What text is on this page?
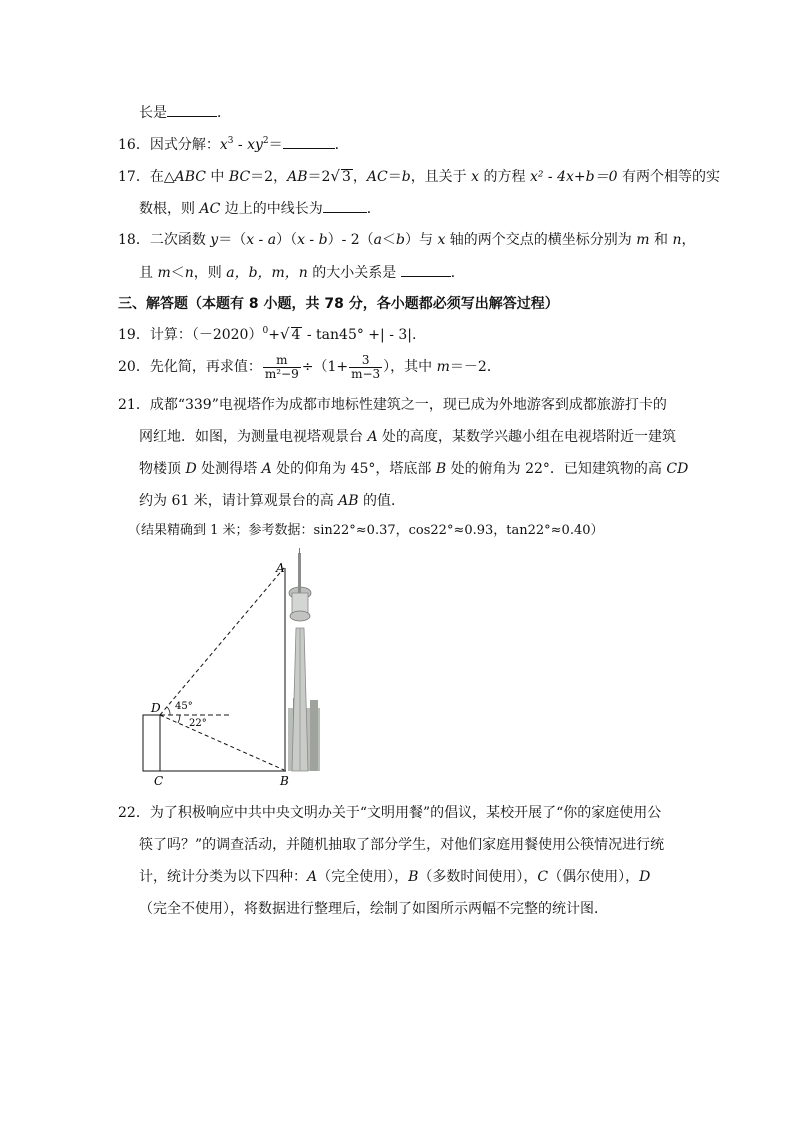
长是	．
16．因式分解：$x^3 - xy^2=$	．
17．在△ABC 中 BC＝2，AB＝2√ 3 ，AC＝b，且关于 x 的方程 x² - 4x+b＝0 有两个相等的实
数根，则 AC 边上的中线长为	．
18．二次函数 y＝（x - a）（x - b）- 2（a＜b）与 x 轴的两个交点的横坐标分别为 m 和 n，
且 m＜n，则 a，b，m，n 的大小关系是	．
三、解答题（本题有 8 小题，共 78 分，各小题都必须写出解答过程）
19．计算：$(-2020)^0+√$ 4 - tan45° +| - 3|.
20．先化简，再求值： $\frac{m}{\text{m²−9}} \div(1+ \frac{3}{m-3}$ ），其中 m＝－2．
21．成都“339”电视塔作为成都市地标性建筑之一，现已成为外地游客到成都旅游打卡的
网红地．如图，为测量电视塔观景台 A 处的高度，某数学兴趣小组在电视塔附近一建筑
物楼顶 D 处测得塔 A 处的仰角为 45°，塔底部 B 处的俯角为 22°．已知建筑物的高 CD
约为 61 米，请计算观景台的高 AB 的值．
（结果精确到 1 米；参考数据：sin22°≈0.37，cos22°≈0.93，tan22°≈0.40）
A
B
C
D 45°
22°
22．为了积极响应中共中央文明办关于“文明用餐”的倡议，某校开展了“你的家庭使用公
筷了吗？”的调查活动，并随机抽取了部分学生，对他们家庭用餐使用公筷情况进行统
计，统计分类为以下四种：A（完全使用），B（多数时间使用），C（偶尔使用），D
（完全不使用），将数据进行整理后，绘制了如图所示两幅不完整的统计图．
